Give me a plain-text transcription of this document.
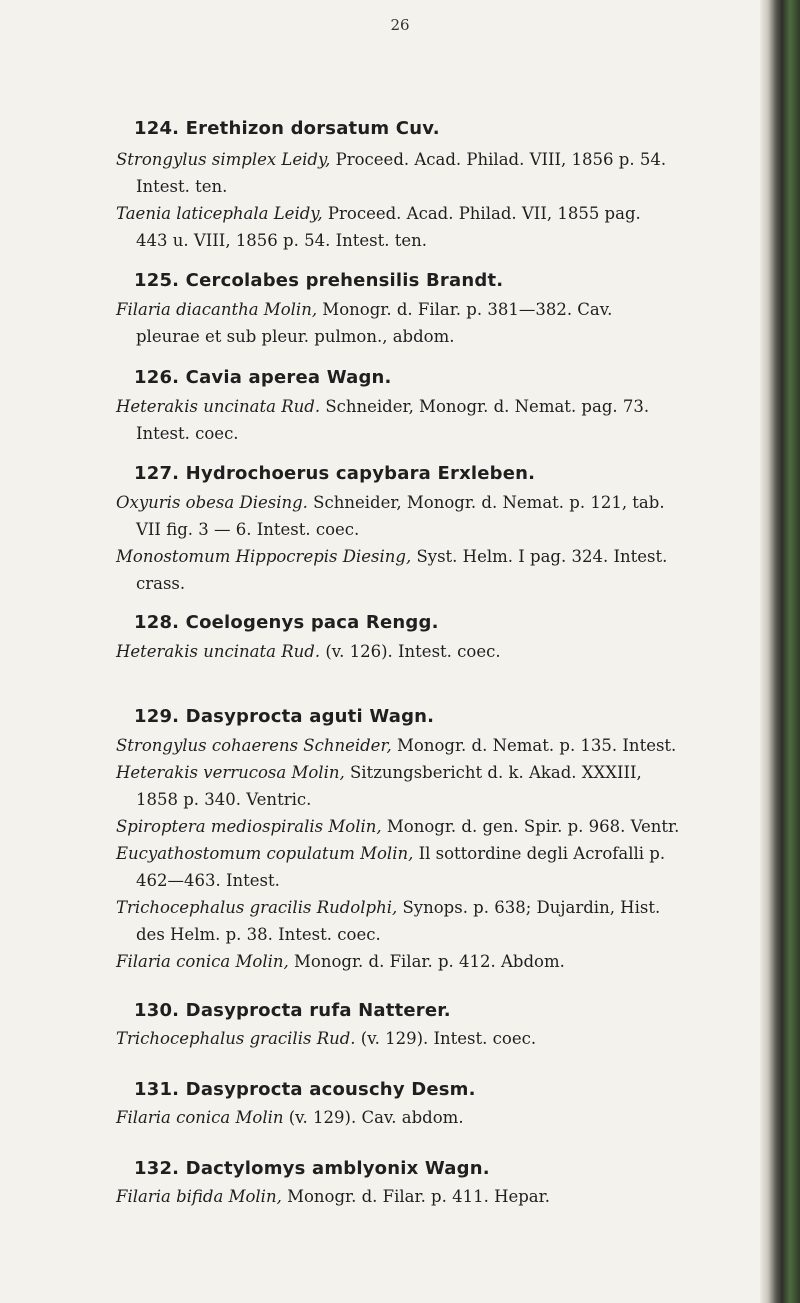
26
124. Erethizon dorsatum Cuv.

Strongylus simplex Leidy, Proceed. Acad. Philad. VIII, 1856 p. 54.
Intest. ten.

Taenia laticephala Leidy, Proceed. Acad. Philad. VII, 1855 pag.
443 u. VIII, 1856 p. 54. Intest. ten.

125. Cercolabes prehensilis Brandt.

Filaria diacantha Molin, Monogr. d. Filar. p. 381—382. Cav.
pleurae et sub pleur. pulmon., abdom.

126. Cavia aperea Wagn.

Heterakis uncinata Rud. Schneider, Monogr. d. Nemat. pag. 73.
Intest. coec.

127. Hydrochoerus capybara Erxleben.

Oxyuris obesa Diesing. Schneider, Monogr. d. Nemat. p. 121, tab.
VII fig. 3 — 6. Intest. coec.

Monostomum Hippocrepis Diesing, Syst. Helm. I pag. 324. Intest.
crass.

128. Coelogenys paca Rengg.

Heterakis uncinata Rud. (v. 126). Intest. coec.

129. Dasyprocta aguti Wagn.

Strongylus cohaerens Schneider, Monogr. d. Nemat. p. 135. Intest.

Heterakis verrucosa Molin, Sitzungsbericht d. k. Akad. XXXIII,
1858 p. 340. Ventric.

Spiroptera mediospiralis Molin, Monogr. d. gen. Spir. p. 968. Ventr.

Eucyathostomum copulatum Molin, Il sottordine degli Acrofalli p.
462—463. Intest.

Trichocephalus gracilis Rudolphi, Synops. p. 638; Dujardin, Hist.
des Helm. p. 38. Intest. coec.

Filaria conica Molin, Monogr. d. Filar. p. 412. Abdom.

130. Dasyprocta rufa Natterer.

Trichocephalus gracilis Rud. (v. 129). Intest. coec.

131. Dasyprocta acouschy Desm.

Filaria conica Molin (v. 129). Cav. abdom.

132. Dactylomys amblyonix Wagn.

Filaria bifida Molin, Monogr. d. Filar. p. 411. Hepar.
